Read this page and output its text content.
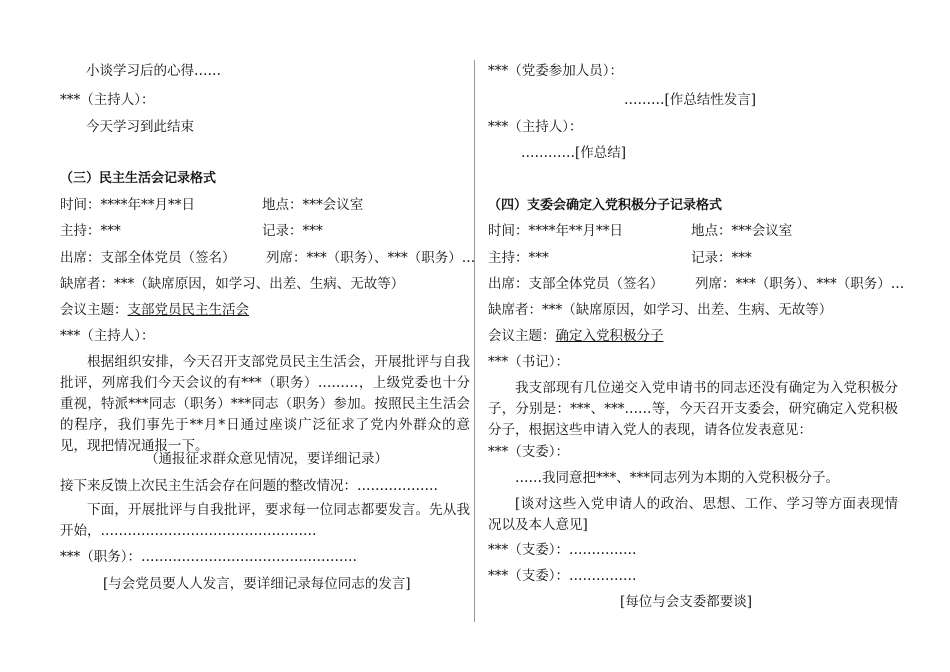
小谈学习后的心得……
***（主持人）：
今天学习到此结束
（三）民主生活会记录格式
时间：****年**月**日	地点：***会议室
主持：***	记录：***
出席：支部全体党员（签名） 列席：***（职务）、***（职务）…
缺席者：***（缺席原因，如学习、出差、生病、无故等）
会议主题：支部党员民主生活会
***（主持人）：
根据组织安排，今天召开支部党员民主生活会，开展批评与自我批评，列席我们今天会议的有***（职务）………，上级党委也十分重视，特派***同志（职务）***同志（职务）参加。按照民主生活会的程序，我们事先于**月*日通过座谈广泛征求了党内外群众的意见，现把情况通报一下。
（通报征求群众意见情况，要详细记录）
接下来反馈上次民主生活会存在问题的整改情况：………………
下面，开展批评与自我批评，要求每一位同志都要发言。先从我开始，…………………………………………
***（职务）：…………………………………………
[与会党员要人人发言，要详细记录每位同志的发言]
***（党委参加人员）：
………[作总结性发言]
***（主持人）：
…………[作总结]
（四）支委会确定入党积极分子记录格式
时间：****年**月**日	地点：***会议室
主持：***	记录：***
出席：支部全体党员（签名） 列席：***（职务）、***（职务）…
缺席者：***（缺席原因，如学习、出差、生病、无故等）
会议主题：确定入党积极分子
***（书记）：
我支部现有几位递交入党申请书的同志还没有确定为入党积极分子，分别是：***、***……等，今天召开支委会，研究确定入党积极分子，根据这些申请入党人的表现，请各位发表意见：
***（支委）：
……我同意把***、***同志列为本期的入党积极分子。
[谈对这些入党申请人的政治、思想、工作、学习等方面表现情况以及本人意见]
***（支委）：……………
***（支委）：……………
[每位与会支委都要谈]
